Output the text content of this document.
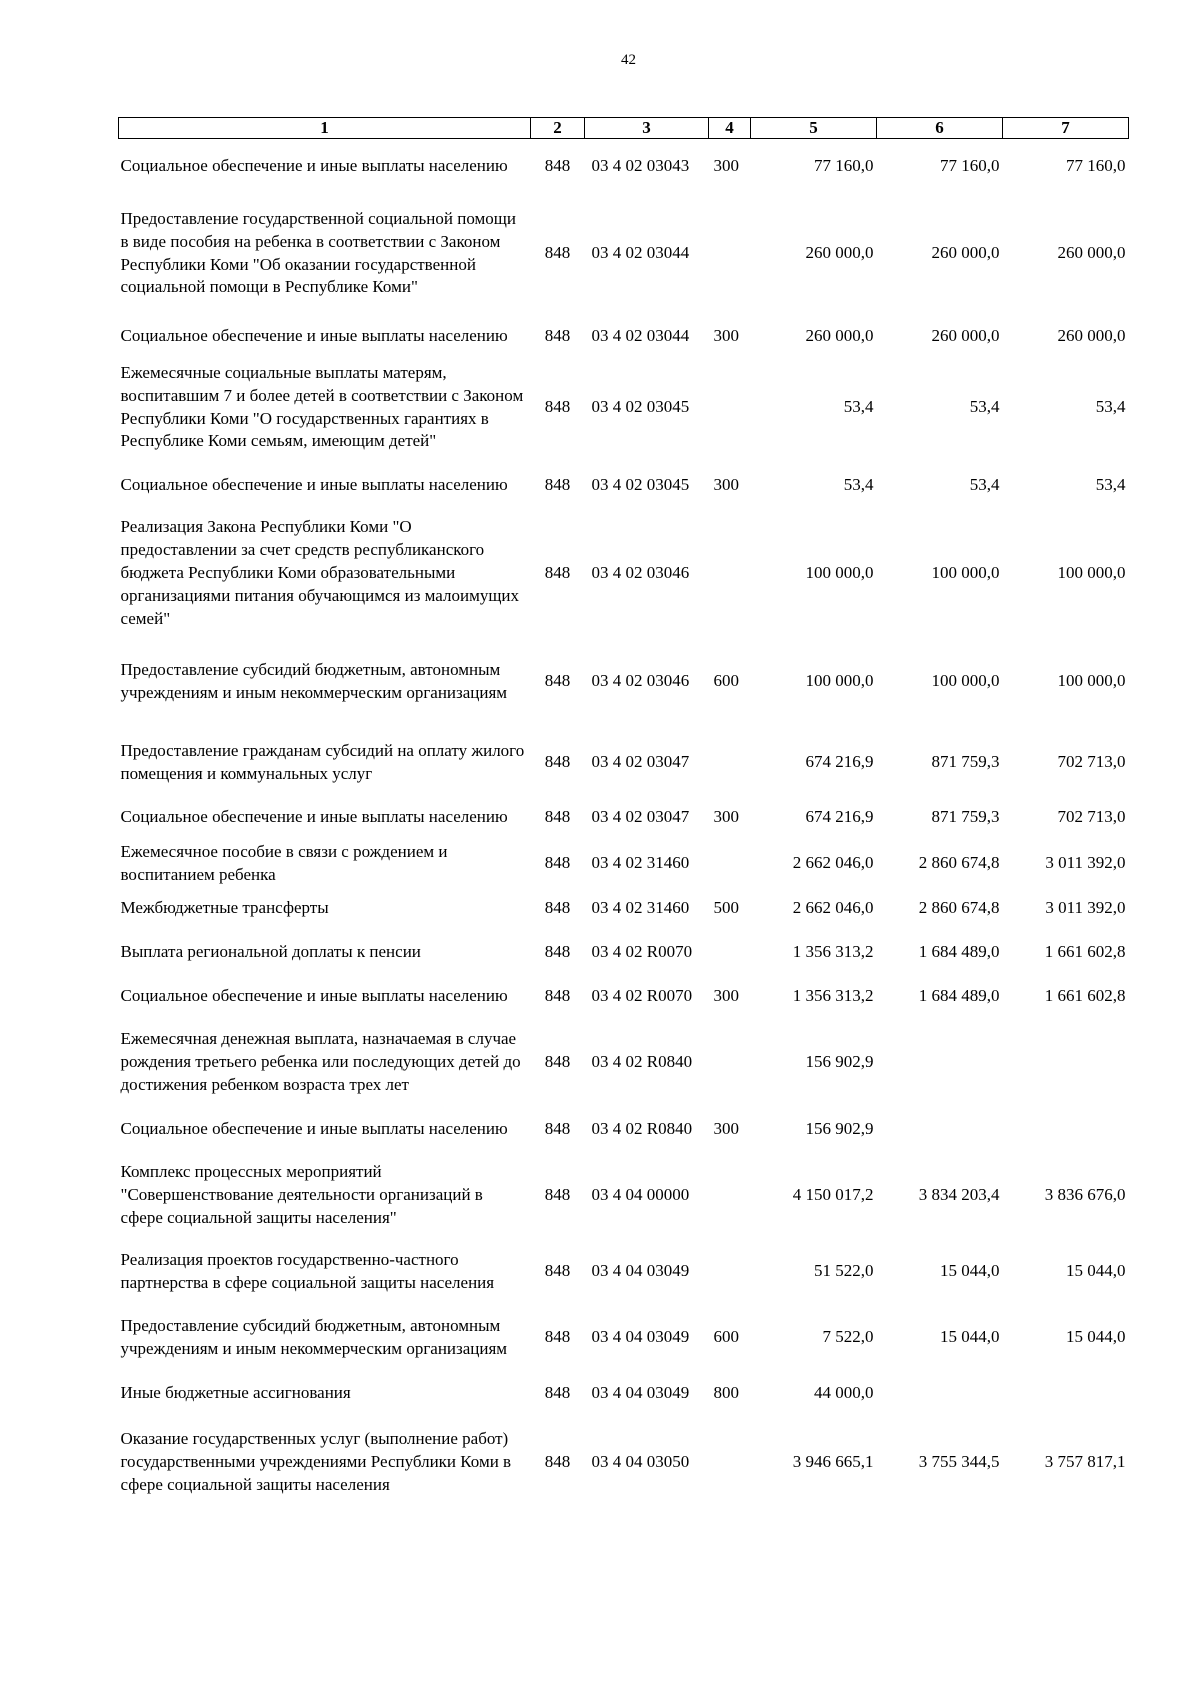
42
1	2	3	4	5	6	7
Социальное обеспечение и иные выплаты населению	848	03 4 02 03043	300	77 160,0	77 160,0	77 160,0
Предоставление государственной социальной помощи в виде пособия на ребенка в соответствии с Законом Республики Коми "Об оказании государственной социальной помощи в Республике Коми"	848	03 4 02 03044		260 000,0	260 000,0	260 000,0
Социальное обеспечение и иные выплаты населению	848	03 4 02 03044	300	260 000,0	260 000,0	260 000,0
Ежемесячные социальные выплаты матерям, воспитавшим 7 и более детей в соответствии с Законом Республики Коми "О государственных гарантиях в Республике Коми семьям, имеющим детей"	848	03 4 02 03045		53,4	53,4	53,4
Социальное обеспечение и иные выплаты населению	848	03 4 02 03045	300	53,4	53,4	53,4
Реализация Закона Республики Коми "О предоставлении за счет средств республиканского бюджета Республики Коми образовательными организациями питания обучающимся из малоимущих семей"	848	03 4 02 03046		100 000,0	100 000,0	100 000,0
Предоставление субсидий бюджетным, автономным учреждениям и иным некоммерческим организациям	848	03 4 02 03046	600	100 000,0	100 000,0	100 000,0
Предоставление гражданам субсидий на оплату жилого помещения и коммунальных услуг	848	03 4 02 03047		674 216,9	871 759,3	702 713,0
Социальное обеспечение и иные выплаты населению	848	03 4 02 03047	300	674 216,9	871 759,3	702 713,0
Ежемесячное пособие в связи с рождением и воспитанием ребенка	848	03 4 02 31460		2 662 046,0	2 860 674,8	3 011 392,0
Межбюджетные трансферты	848	03 4 02 31460	500	2 662 046,0	2 860 674,8	3 011 392,0
Выплата региональной доплаты к пенсии	848	03 4 02 R0070		1 356 313,2	1 684 489,0	1 661 602,8
Социальное обеспечение и иные выплаты населению	848	03 4 02 R0070	300	1 356 313,2	1 684 489,0	1 661 602,8
Ежемесячная денежная выплата, назначаемая в случае рождения третьего ребенка или последующих детей до достижения ребенком возраста трех лет	848	03 4 02 R0840		156 902,9		
Социальное обеспечение и иные выплаты населению	848	03 4 02 R0840	300	156 902,9		
Комплекс процессных мероприятий "Совершенствование деятельности организаций в сфере социальной защиты населения"	848	03 4 04 00000		4 150 017,2	3 834 203,4	3 836 676,0
Реализация проектов государственно-частного партнерства в сфере социальной защиты населения	848	03 4 04 03049		51 522,0	15 044,0	15 044,0
Предоставление субсидий бюджетным, автономным учреждениям и иным некоммерческим организациям	848	03 4 04 03049	600	7 522,0	15 044,0	15 044,0
Иные бюджетные ассигнования	848	03 4 04 03049	800	44 000,0		
Оказание государственных услуг (выполнение работ) государственными учреждениями Республики Коми в сфере социальной защиты населения	848	03 4 04 03050		3 946 665,1	3 755 344,5	3 757 817,1
